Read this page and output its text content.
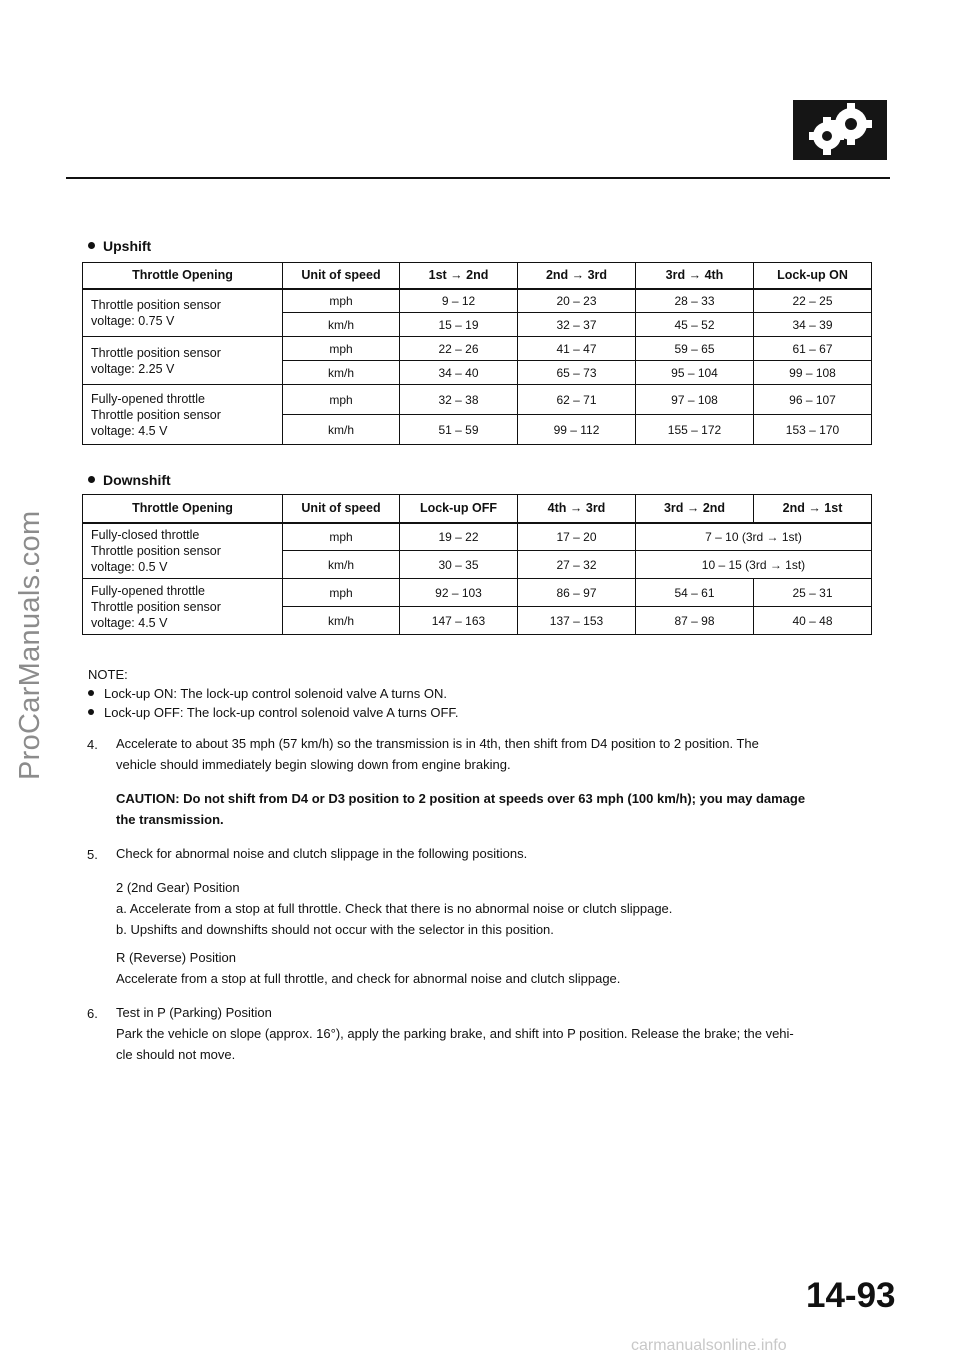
ProCarManuals.com
Upshift
Throttle Opening	Unit of speed	1st → 2nd	2nd → 3rd	3rd → 4th	Lock-up ON

Throttle position sensor
voltage: 0.75 V	mph	9 – 12	20 – 23	28 – 33	22 – 25
	km/h	15 – 19	32 – 37	45 – 52	34 – 39

Throttle position sensor
voltage: 2.25 V	mph	22 – 26	41 – 47	59 – 65	61 – 67
	km/h	34 – 40	65 – 73	95 – 104	99 – 108

Fully-opened throttle
Throttle position sensor
voltage: 4.5 V	mph	32 – 38	62 – 71	97 – 108	96 – 107
	km/h	51 – 59	99 – 112	155 – 172	153 – 170
Downshift
Throttle Opening	Unit of speed	Lock-up OFF	4th → 3rd	3rd → 2nd	2nd → 1st

Fully-closed throttle
Throttle position sensor
voltage: 0.5 V	mph	19 – 22	17 – 20	7 – 10 (3rd → 1st)	
	km/h	30 – 35	27 – 32	10 – 15 (3rd → 1st)	

Fully-opened throttle
Throttle position sensor
voltage: 4.5 V	mph	92 – 103	86 – 97	54 – 61	25 – 31
	km/h	147 – 163	137 – 153	87 – 98	40 – 48
NOTE:
Lock-up ON: The lock-up control solenoid valve A turns ON.
Lock-up OFF: The lock-up control solenoid valve A turns OFF.
4. Accelerate to about 35 mph (57 km/h) so the transmission is in 4th, then shift from D4 position to 2 position. The
vehicle should immediately begin slowing down from engine braking.
CAUTION: Do not shift from D4 or D3 position to 2 position at speeds over 63 mph (100 km/h); you may damage
the transmission.
5. Check for abnormal noise and clutch slippage in the following positions.
2 (2nd Gear) Position
a. Accelerate from a stop at full throttle. Check that there is no abnormal noise or clutch slippage.
b. Upshifts and downshifts should not occur with the selector in this position.
R (Reverse) Position
Accelerate from a stop at full throttle, and check for abnormal noise and clutch slippage.
6. Test in P (Parking) Position
Park the vehicle on slope (approx. 16°), apply the parking brake, and shift into P position. Release the brake; the vehi-
cle should not move.
14-93
carmanualsonline.info
